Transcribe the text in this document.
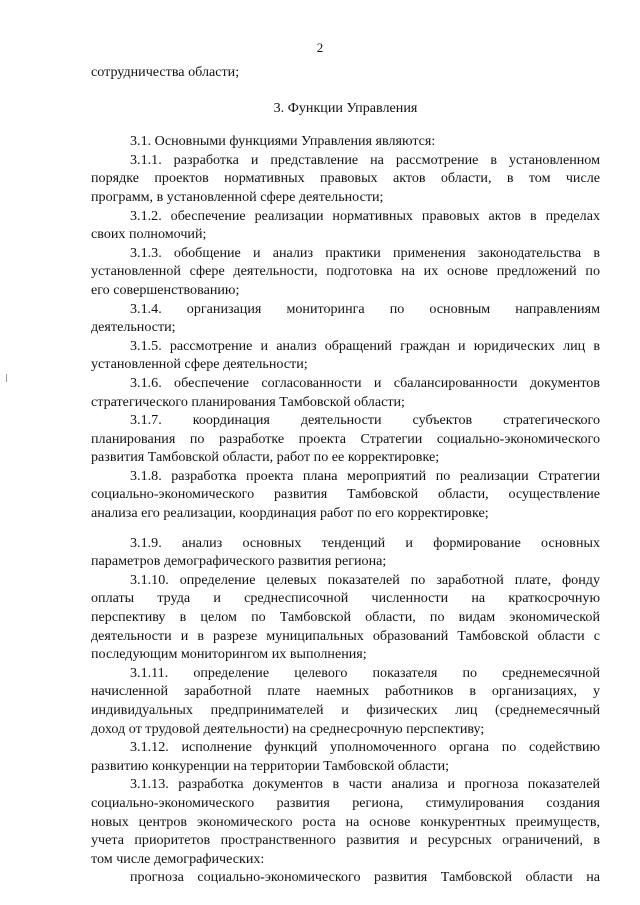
2
сотрудничества области;
3. Функции Управления
3.1. Основными функциями Управления являются:
3.1.1. разработка и представление на рассмотрение в установленном
порядке проектов нормативных правовых актов области, в том числе
программ, в установленной сфере деятельности;
3.1.2. обеспечение реализации нормативных правовых актов в пределах
своих полномочий;
3.1.3. обобщение и анализ практики применения законодательства в
установленной сфере деятельности, подготовка на их основе предложений по
его совершенствованию;
3.1.4. организация мониторинга по основным направлениям
деятельности;
3.1.5. рассмотрение и анализ обращений граждан и юридических лиц в
установленной сфере деятельности;
3.1.6. обеспечение согласованности и сбалансированности документов
стратегического планирования Тамбовской области;
3.1.7. координация деятельности субъектов стратегического
планирования по разработке проекта Стратегии социально-экономического
развития Тамбовской области, работ по ее корректировке;
3.1.8. разработка проекта плана мероприятий по реализации Стратегии
социально-экономического развития Тамбовской области, осуществление
анализа его реализации, координация работ по его корректировке;
3.1.9. анализ основных тенденций и формирование основных
параметров демографического развития региона;
3.1.10. определение целевых показателей по заработной плате, фонду
оплаты труда и среднесписочной численности на краткосрочную
перспективу в целом по Тамбовской области, по видам экономической
деятельности и в разрезе муниципальных образований Тамбовской области с
последующим мониторингом их выполнения;
3.1.11. определение целевого показателя по среднемесячной
начисленной заработной плате наемных работников в организациях, у
индивидуальных предпринимателей и физических лиц (среднемесячный
доход от трудовой деятельности) на среднесрочную перспективу;
3.1.12. исполнение функций уполномоченного органа по содействию
развитию конкуренции на территории Тамбовской области;
3.1.13. разработка документов в части анализа и прогноза показателей
социально-экономического развития региона, стимулирования создания
новых центров экономического роста на основе конкурентных преимуществ,
учета приоритетов пространственного развития и ресурсных ограничений, в
том числе демографических:
прогноза социально-экономического развития Тамбовской области на
